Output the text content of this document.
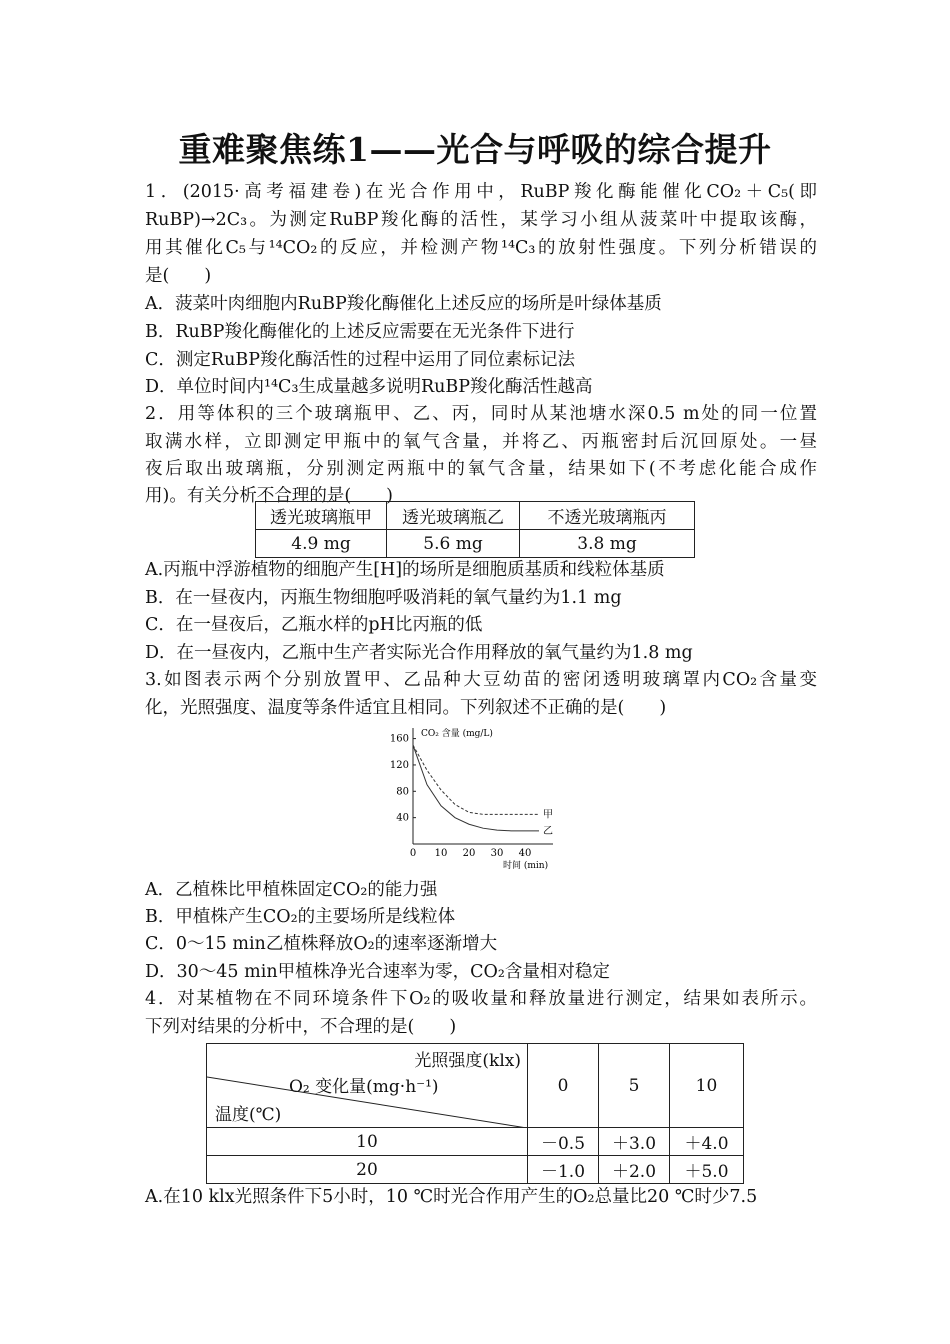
重难聚焦练1——光合与呼吸的综合提升
1．(2015·高考福建卷)在光合作用中，RuBP羧化酶能催化CO₂＋C₅(即
RuBP)→2C₃。为测定RuBP羧化酶的活性，某学习小组从菠菜叶中提取该酶，
用其催化C₅与¹⁴CO₂的反应，并检测产物¹⁴C₃的放射性强度。下列分析错误的
是(　　)
A．菠菜叶肉细胞内RuBP羧化酶催化上述反应的场所是叶绿体基质
B．RuBP羧化酶催化的上述反应需要在无光条件下进行
C．测定RuBP羧化酶活性的过程中运用了同位素标记法
D．单位时间内¹⁴C₃生成量越多说明RuBP羧化酶活性越高
2．用等体积的三个玻璃瓶甲、乙、丙，同时从某池塘水深0.5 m处的同一位置
取满水样，立即测定甲瓶中的氧气含量，并将乙、丙瓶密封后沉回原处。一昼
夜后取出玻璃瓶，分别测定两瓶中的氧气含量，结果如下(不考虑化能合成作
用)。有关分析不合理的是(　　)
透光玻璃瓶甲	透光玻璃瓶乙	不透光玻璃瓶丙
4.9 mg	5.6 mg	3.8 mg
A.丙瓶中浮游植物的细胞产生[H]的场所是细胞质基质和线粒体基质
B．在一昼夜内，丙瓶生物细胞呼吸消耗的氧气量约为1.1 mg
C．在一昼夜后，乙瓶水样的pH比丙瓶的低
D．在一昼夜内，乙瓶中生产者实际光合作用释放的氧气量约为1.8 mg
3.如图表示两个分别放置甲、乙品种大豆幼苗的密闭透明玻璃罩内CO₂含量变
化，光照强度、温度等条件适宜且相同。下列叙述不正确的是(　　)
CO₂ 含量 (mg/L)
时间 (min)
40
80
120
160
0 10 20 30 40
甲
乙
A．乙植株比甲植株固定CO₂的能力强
B．甲植株产生CO₂的主要场所是线粒体
C．0～15 min乙植株释放O₂的速率逐渐增大
D．30～45 min甲植株净光合速率为零，CO₂含量相对稳定
4．对某植物在不同环境条件下O₂的吸收量和释放量进行测定，结果如表所示。
下列对结果的分析中，不合理的是(　　)
光照强度(klx)
O₂ 变化量(mg·h⁻¹)
温度(℃)	0	5	10
10	－0.5	＋3.0	＋4.0
20	－1.0	＋2.0	＋5.0
A.在10 klx光照条件下5小时，10 ℃时光合作用产生的O₂总量比20 ℃时少7.5
